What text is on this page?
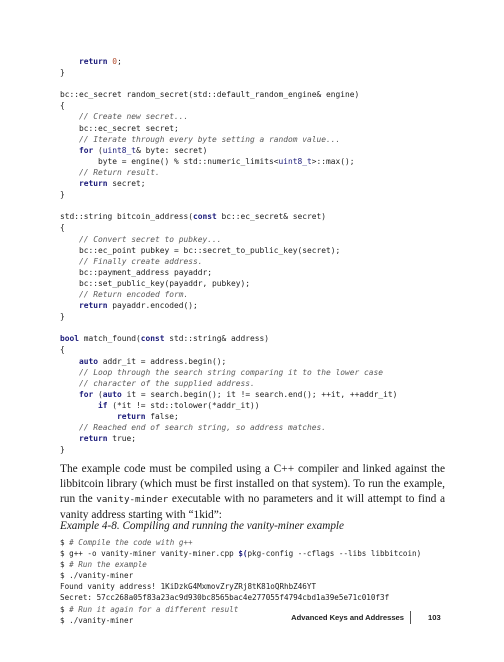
return 0;
}

bc::ec_secret random_secret(std::default_random_engine& engine)
{
// Create new secret...
bc::ec_secret secret;
// Iterate through every byte setting a random value...
for (uint8_t& byte: secret)
byte = engine() % std::numeric_limits<uint8_t>::max();
// Return result.
return secret;
}

std::string bitcoin_address(const bc::ec_secret& secret)
{
// Convert secret to pubkey...
bc::ec_point pubkey = bc::secret_to_public_key(secret);
// Finally create address.
bc::payment_address payaddr;
bc::set_public_key(payaddr, pubkey);
// Return encoded form.
return payaddr.encoded();
}

bool match_found(const std::string& address)
{
auto addr_it = address.begin();
// Loop through the search string comparing it to the lower case
// character of the supplied address.
for (auto it = search.begin(); it != search.end(); ++it, ++addr_it)
if (*it != std::tolower(*addr_it))
return false;
// Reached end of search string, so address matches.
return true;
}

The example code must be compiled using a C++ compiler and linked against the libbitcoin library (which must be first installed on that system). To run the example, run the vanity-minder executable with no parameters and it will attempt to find a vanity address starting with “1kid”:

Example 4-8. Compiling and running the vanity-miner example

$ # Compile the code with g++
$ g++ -o vanity-miner vanity-miner.cpp $(pkg-config --cflags --libs libbitcoin)
$ # Run the example
$ ./vanity-miner
Found vanity address! 1KiDzkG4MxmovZryZRj8tK81oQRhbZ46YT
Secret: 57cc268a05f83a23ac9d930bc8565bac4e277055f4794cbd1a39e5e71c010f3f
$ # Run it again for a different result
$ ./vanity-miner	Advanced Keys and Addresses	103
